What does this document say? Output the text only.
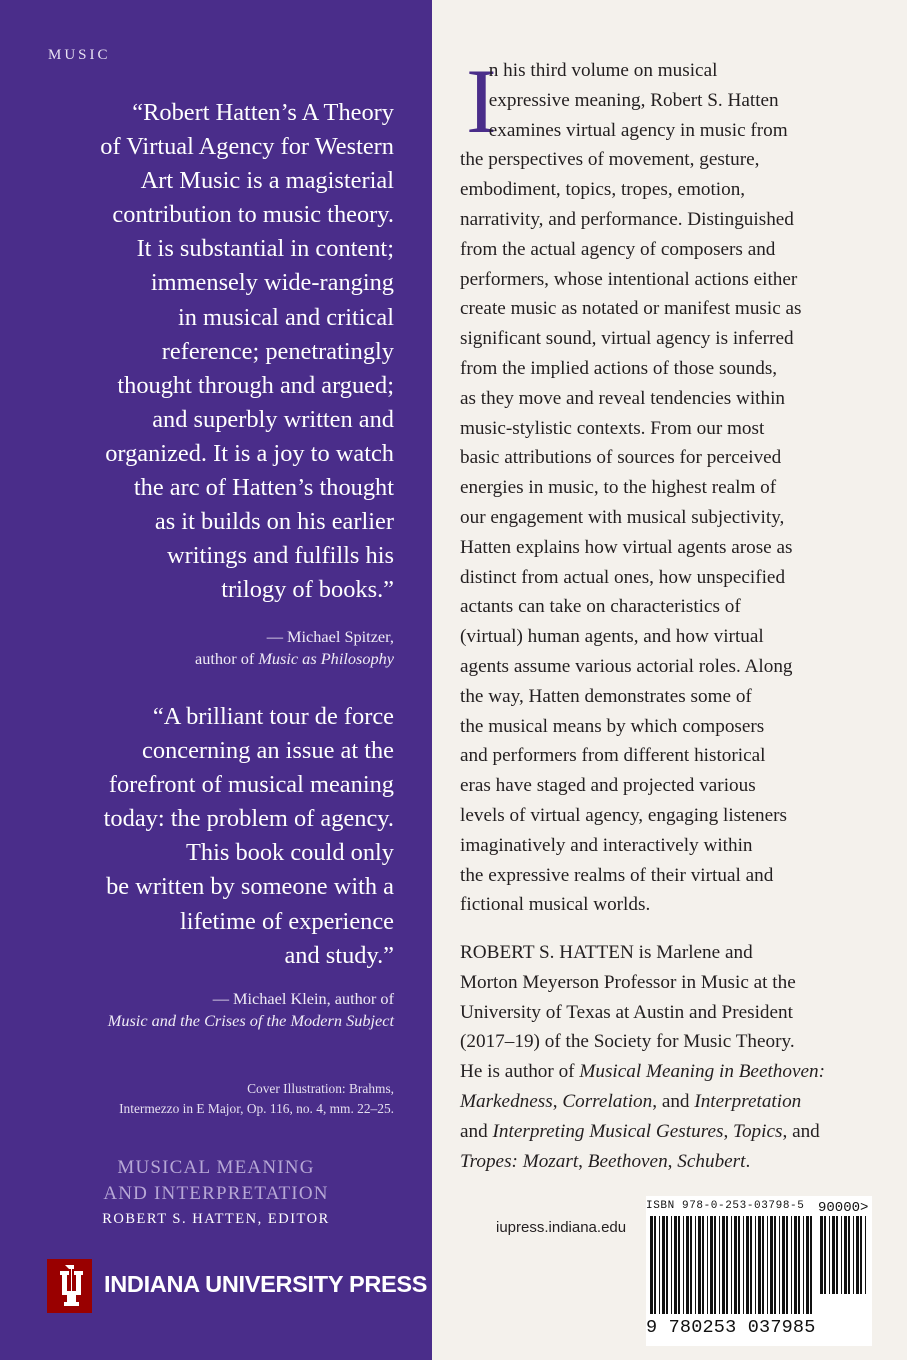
MUSIC
“Robert Hatten’s A Theory
of Virtual Agency for Western
Art Music is a magisterial
contribution to music theory.
It is substantial in content;
immensely wide-ranging
in musical and critical
reference; penetratingly
thought through and argued;
and superbly written and
organized. It is a joy to watch
the arc of Hatten’s thought
as it builds on his earlier
writings and fulfills his
trilogy of books.”
— Michael Spitzer,
author of Music as Philosophy
“A brilliant tour de force
concerning an issue at the
forefront of musical meaning
today: the problem of agency.
This book could only
be written by someone with a
lifetime of experience
and study.”
— Michael Klein, author of
Music and the Crises of the Modern Subject
Cover Illustration: Brahms,
Intermezzo in E Major, Op. 116, no. 4, mm. 22–25.
MUSICAL MEANING
AND INTERPRETATION
ROBERT S. HATTEN, EDITOR
INDIANA UNIVERSITY PRESS
I
n his third volume on musical
expressive meaning, Robert S. Hatten
examines virtual agency in music from
the perspectives of movement, gesture,
embodiment, topics, tropes, emotion,
narrativity, and performance. Distinguished
from the actual agency of composers and
performers, whose intentional actions either
create music as notated or manifest music as
significant sound, virtual agency is inferred
from the implied actions of those sounds,
as they move and reveal tendencies within
music-stylistic contexts. From our most
basic attributions of sources for perceived
energies in music, to the highest realm of
our engagement with musical subjectivity,
Hatten explains how virtual agents arose as
distinct from actual ones, how unspecified
actants can take on characteristics of
(virtual) human agents, and how virtual
agents assume various actorial roles. Along
the way, Hatten demonstrates some of
the musical means by which composers
and performers from different historical
eras have staged and projected various
levels of virtual agency, engaging listeners
imaginatively and interactively within
the expressive realms of their virtual and
fictional musical worlds.
ROBERT S. HATTEN is Marlene and
Morton Meyerson Professor in Music at the
University of Texas at Austin and President
(2017–19) of the Society for Music Theory.
He is author of Musical Meaning in Beethoven:
Markedness, Correlation, and Interpretation
and Interpreting Musical Gestures, Topics, and
Tropes: Mozart, Beethoven, Schubert.
iupress.indiana.edu
ISBN 978-0-253-03798-5 90000>
9 780253 037985
